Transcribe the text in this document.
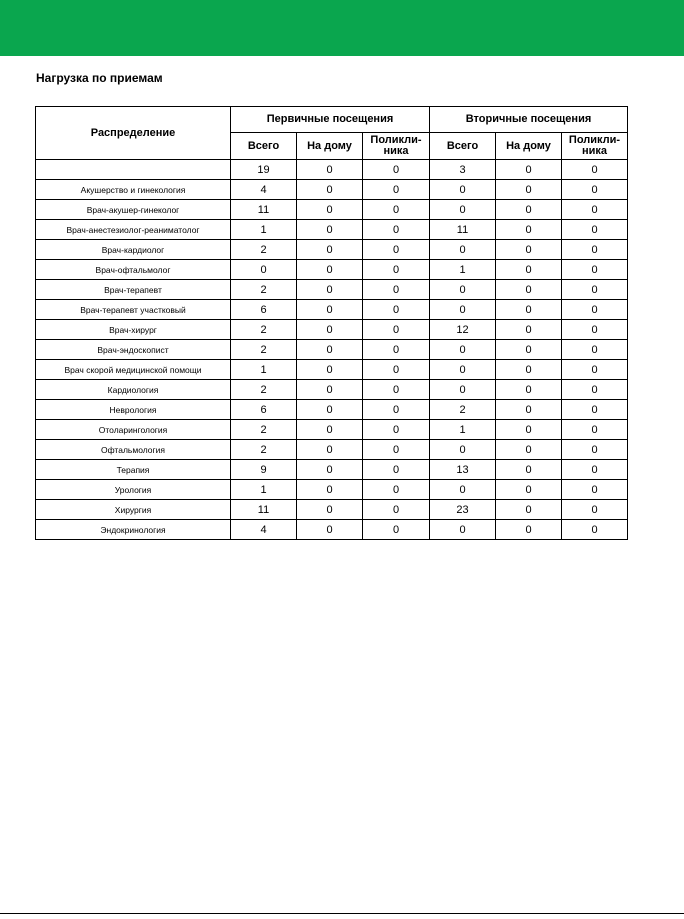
Нагрузка по приемам
Распределение	Первичные посещения			Вторичные посещения		
	Всего	На дому	Поликли-ника	Всего	На дому	Поликли-ника
	19	0	0	3	0	0
Акушерство и гинекология	4	0	0	0	0	0
Врач-акушер-гинеколог	11	0	0	0	0	0
Врач-анестезиолог-реаниматолог	1	0	0	11	0	0
Врач-кардиолог	2	0	0	0	0	0
Врач-офтальмолог	0	0	0	1	0	0
Врач-терапевт	2	0	0	0	0	0
Врач-терапевт участковый	6	0	0	0	0	0
Врач-хирург	2	0	0	12	0	0
Врач-эндоскопист	2	0	0	0	0	0
Врач скорой медицинской помощи	1	0	0	0	0	0
Кардиология	2	0	0	0	0	0
Неврология	6	0	0	2	0	0
Отоларингология	2	0	0	1	0	0
Офтальмология	2	0	0	0	0	0
Терапия	9	0	0	13	0	0
Урология	1	0	0	0	0	0
Хирургия	11	0	0	23	0	0
Эндокринология	4	0	0	0	0	0
